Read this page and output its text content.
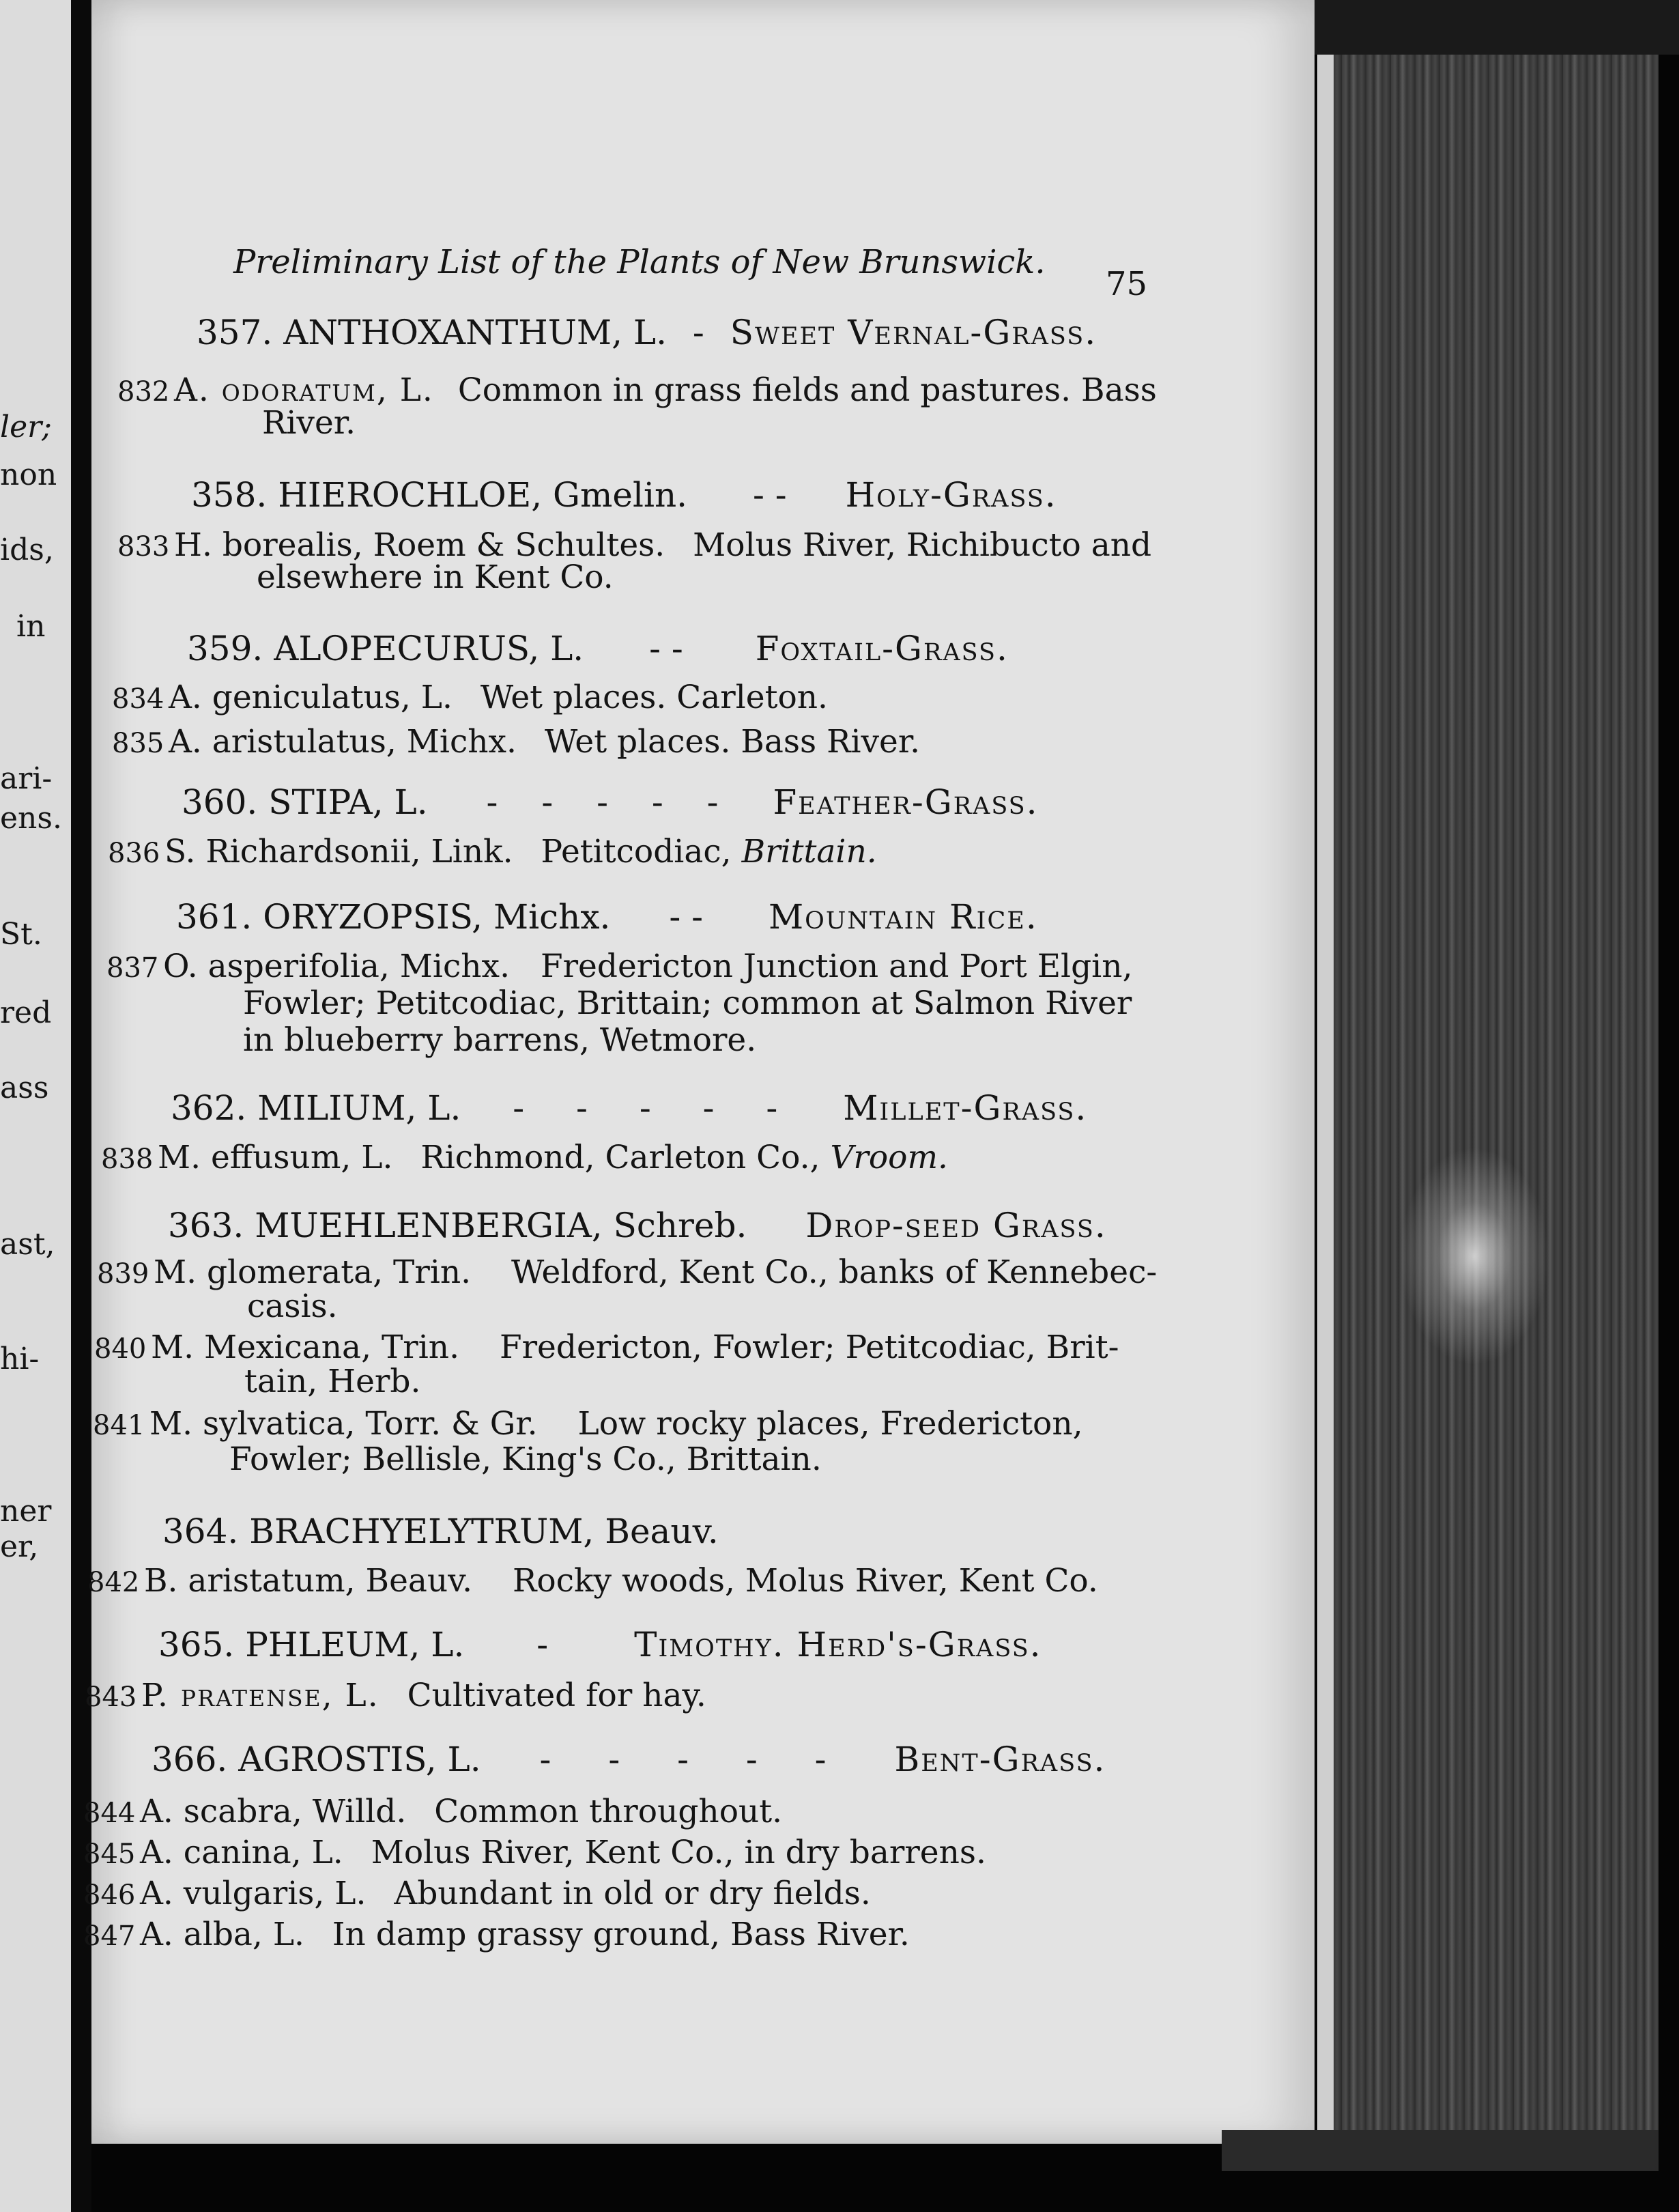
ler;
non
ids,
in
ari-
ens.
St.
red
ass
ast,
hi-
ner
er,
Preliminary List of the Plants of New Brunswick.
75
357. ANTHOXANTHUM, L. - Sweet Vernal-Grass.
832 A. odoratum, L. Common in grass fields and pastures. Bass
River.
358. HIEROCHLOE, Gmelin. - - Holy-Grass.
833 H. borealis, Roem & Schultes. Molus River, Richibucto and
elsewhere in Kent Co.
359. ALOPECURUS, L. - - Foxtail-Grass.
834 A. geniculatus, L. Wet places. Carleton.
835 A. aristulatus, Michx. Wet places. Bass River.
360. STIPA, L. - - - - - Feather-Grass.
836 S. Richardsonii, Link. Petitcodiac, Brittain.
361. ORYZOPSIS, Michx. - - Mountain Rice.
837 O. asperifolia, Michx. Fredericton Junction and Port Elgin,
Fowler; Petitcodiac, Brittain; common at Salmon River
in blueberry barrens, Wetmore.
362. MILIUM, L. - - - - - Millet-Grass.
838 M. effusum, L. Richmond, Carleton Co., Vroom.
363. MUEHLENBERGIA, Schreb. Drop-seed Grass.
839 M. glomerata, Trin. Weldford, Kent Co., banks of Kennebec-
casis.
840 M. Mexicana, Trin. Fredericton, Fowler; Petitcodiac, Brit-
tain, Herb.
841 M. sylvatica, Torr. & Gr. Low rocky places, Fredericton,
Fowler; Bellisle, King's Co., Brittain.
364. BRACHYELYTRUM, Beauv.
842 B. aristatum, Beauv. Rocky woods, Molus River, Kent Co.
365. PHLEUM, L. -	Timothy. Herd's-Grass.
843 P. pratense, L. Cultivated for hay.
366. AGROSTIS, L. - - - - - Bent-Grass.
844 A. scabra, Willd. Common throughout.
845 A. canina, L. Molus River, Kent Co., in dry barrens.
846 A. vulgaris, L. Abundant in old or dry fields.
847 A. alba, L. In damp grassy ground, Bass River.
